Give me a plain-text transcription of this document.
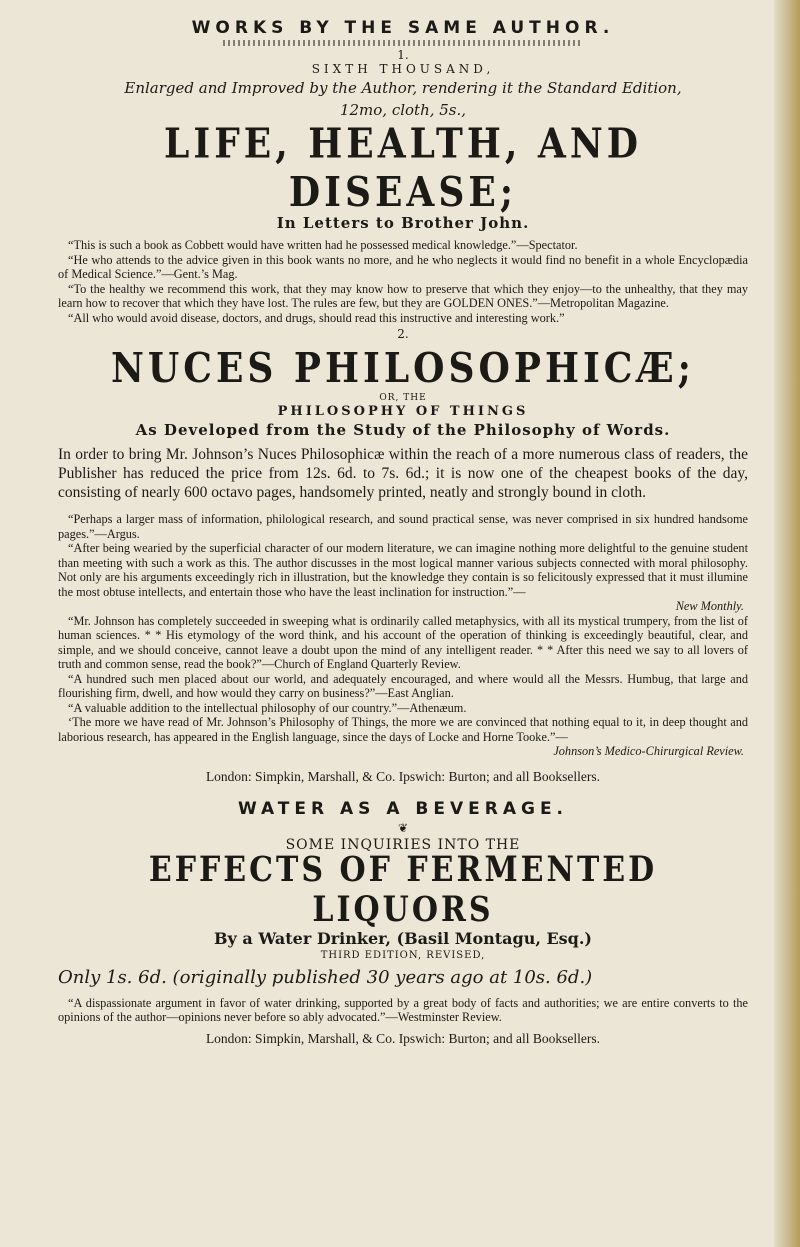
WORKS BY THE SAME AUTHOR.
1.
SIXTH THOUSAND,
Enlarged and Improved by the Author, rendering it the Standard Edition,
12mo, cloth, 5s.,
LIFE, HEALTH, AND DISEASE;
In Letters to Brother John.

“This is such a book as Cobbett would have written had he possessed medical knowledge.”—Spectator.

“He who attends to the advice given in this book wants no more, and he who neglects it would find no benefit in a whole Encyclopædia of Medical Science.”—Gent.’s Mag.

“To the healthy we recommend this work, that they may know how to preserve that which they enjoy—to the unhealthy, that they may learn how to recover that which they have lost. The rules are few, but they are GOLDEN ONES.”—Metropolitan Magazine.

“All who would avoid disease, doctors, and drugs, should read this instructive and interesting work.”

2.
NUCES PHILOSOPHICÆ;
OR, THE
PHILOSOPHY OF THINGS
As Developed from the Study of the Philosophy of Words.
In order to bring Mr. Johnson’s Nuces Philosophicæ within the reach of a more numerous class of readers, the Publisher has reduced the price from 12s. 6d. to 7s. 6d.; it is now one of the cheapest books of the day, consisting of nearly 600 octavo pages, handsomely printed, neatly and strongly bound in cloth.

“Perhaps a larger mass of information, philological research, and sound practical sense, was never comprised in six hundred handsome pages.”—Argus.

“After being wearied by the superficial character of our modern literature, we can imagine nothing more delightful to the genuine student than meeting with such a work as this. The author discusses in the most logical manner various subjects connected with moral philosophy. Not only are his arguments exceedingly rich in illustration, but the knowledge they contain is so felicitously expressed that it must illumine the most obtuse intellects, and entertain those who have the least inclination for instruction.”—

New Monthly.

“Mr. Johnson has completely succeeded in sweeping what is ordinarily called metaphysics, with all its mystical trumpery, from the list of human sciences. * * His etymology of the word think, and his account of the operation of thinking is exceedingly beautiful, clear, and simple, and we should conceive, cannot leave a doubt upon the mind of any intelligent reader. * * After this need we say to all lovers of truth and common sense, read the book?”—Church of England Quarterly Review.

“A hundred such men placed about our world, and adequately encouraged, and where would all the Messrs. Humbug, that large and flourishing firm, dwell, and how would they carry on business?”—East Anglian.

“A valuable addition to the intellectual philosophy of our country.”—Athenæum.

‘The more we have read of Mr. Johnson’s Philosophy of Things, the more we are convinced that nothing equal to it, in deep thought and laborious research, has appeared in the English language, since the days of Locke and Horne Tooke.”—

Johnson’s Medico-Chirurgical Review.
London: Simpkin, Marshall, & Co. Ipswich: Burton; and all Booksellers.
WATER AS A BEVERAGE.
❦
SOME INQUIRIES INTO THE
EFFECTS OF FERMENTED LIQUORS
By a Water Drinker, (Basil Montagu, Esq.)
THIRD EDITION, REVISED,
Only 1s. 6d. (originally published 30 years ago at 10s. 6d.)

“A dispassionate argument in favor of water drinking, supported by a great body of facts and authorities; we are entire converts to the opinions of the author—opinions never before so ably advocated.”—Westminster Review.

London: Simpkin, Marshall, & Co. Ipswich: Burton; and all Booksellers.
